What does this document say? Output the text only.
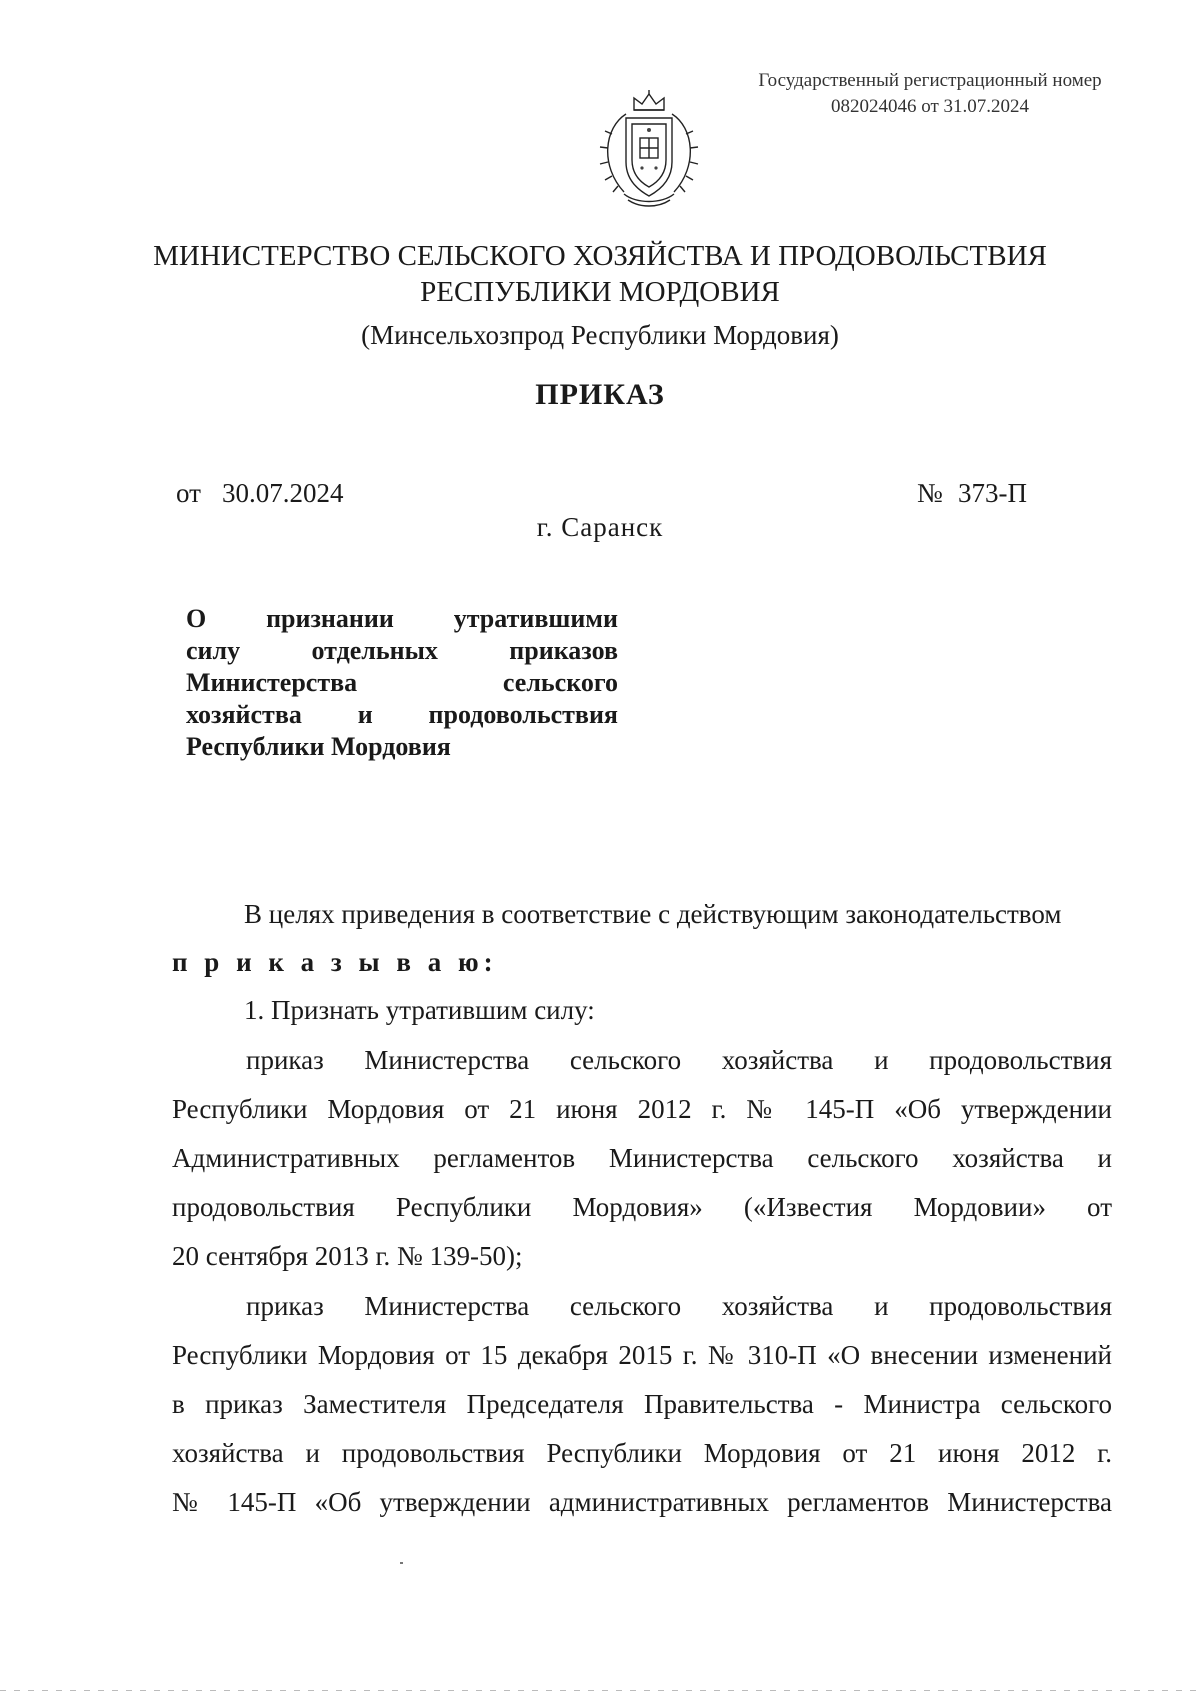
Государственный регистрационный номер
082024046 от 31.07.2024
МИНИСТЕРСТВО СЕЛЬСКОГО ХОЗЯЙСТВА И ПРОДОВОЛЬСТВИЯ
РЕСПУБЛИКИ МОРДОВИЯ
(Минсельхозпрод Республики Мордовия)
ПРИКАЗ
от 30.07.2024	№ 373-П
г. Саранск
О признании утратившими
силу отдельных приказов
Министерства сельского
хозяйства и продовольствия
Республики Мордовия
В целях приведения в соответствие с действующим законодательством
п р и к а з ы в а ю:
1. Признать утратившим силу:
приказ Министерства сельского хозяйства и продовольствия
Республики Мордовия от 21 июня 2012 г. № 145-П «Об утверждении
Административных регламентов Министерства сельского хозяйства и
продовольствия Республики Мордовия» («Известия Мордовии» от
20 сентября 2013 г. № 139-50);
приказ Министерства сельского хозяйства и продовольствия
Республики Мордовия от 15 декабря 2015 г. № 310-П «О внесении изменений
в приказ Заместителя Председателя Правительства - Министра сельского
хозяйства и продовольствия Республики Мордовия от 21 июня 2012 г.
№ 145-П «Об утверждении административных регламентов Министерства
